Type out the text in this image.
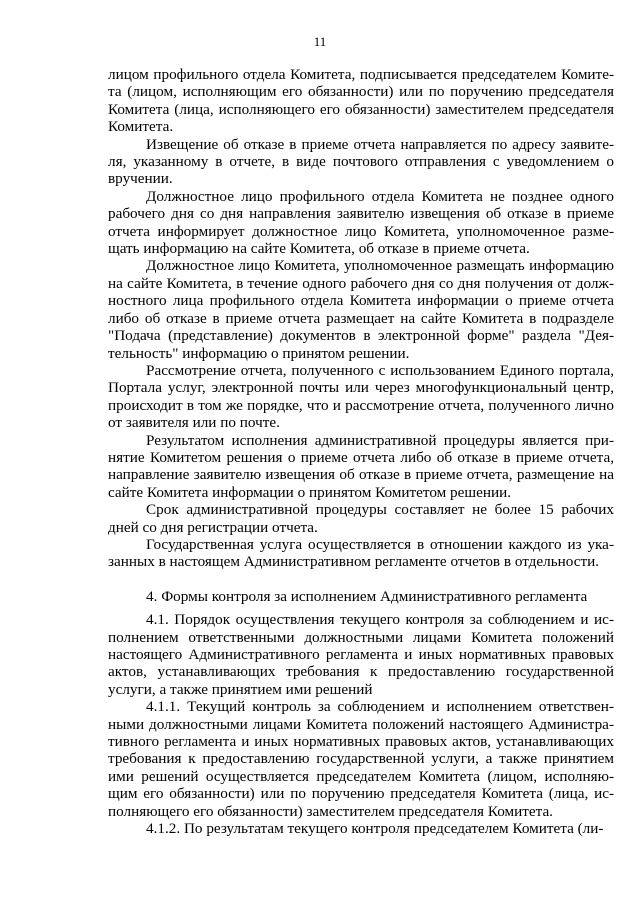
11

лицом профильного отдела Комитета, подписывается председателем Комитета (лицом, исполняющим его обязанности) или по поручению председателя Комитета (лица, исполняющего его обязанности) заместителем председателя Комитета.

Извещение об отказе в приеме отчета направляется по адресу заявителя, указанному в отчете, в виде почтового отправления с уведомлением о вручении.

Должностное лицо профильного отдела Комитета не позднее одного рабочего дня со дня направления заявителю извещения об отказе в приеме отчета информирует должностное лицо Комитета, уполномоченное размещать информацию на сайте Комитета, об отказе в приеме отчета.

Должностное лицо Комитета, уполномоченное размещать информацию на сайте Комитета, в течение одного рабочего дня со дня получения от должностного лица профильного отдела Комитета информации о приеме отчета либо об отказе в приеме отчета размещает на сайте Комитета в подразделе "Подача (представление) документов в электронной форме" раздела "Деятельность" информацию о принятом решении.

Рассмотрение отчета, полученного с использованием Единого портала, Портала услуг, электронной почты или через многофункциональный центр, происходит в том же порядке, что и рассмотрение отчета, полученного лично от заявителя или по почте.

Результатом исполнения административной процедуры является принятие Комитетом решения о приеме отчета либо об отказе в приеме отчета, направление заявителю извещения об отказе в приеме отчета, размещение на сайте Комитета информации о принятом Комитетом решении.

Срок административной процедуры составляет не более 15 рабочих дней со дня регистрации отчета.

Государственная услуга осуществляется в отношении каждого из указанных в настоящем Административном регламенте отчетов в отдельности.

4. Формы контроля за исполнением Административного регламента

4.1. Порядок осуществления текущего контроля за соблюдением и исполнением ответственными должностными лицами Комитета положений настоящего Административного регламента и иных нормативных правовых актов, устанавливающих требования к предоставлению государственной услуги, а также принятием ими решений

4.1.1. Текущий контроль за соблюдением и исполнением ответственными должностными лицами Комитета положений настоящего Административного регламента и иных нормативных правовых актов, устанавливающих требования к предоставлению государственной услуги, а также принятием ими решений осуществляется председателем Комитета (лицом, исполняющим его обязанности) или по поручению председателя Комитета (лица, исполняющего его обязанности) заместителем председателя Комитета.

4.1.2. По результатам текущего контроля председателем Комитета (ли-
